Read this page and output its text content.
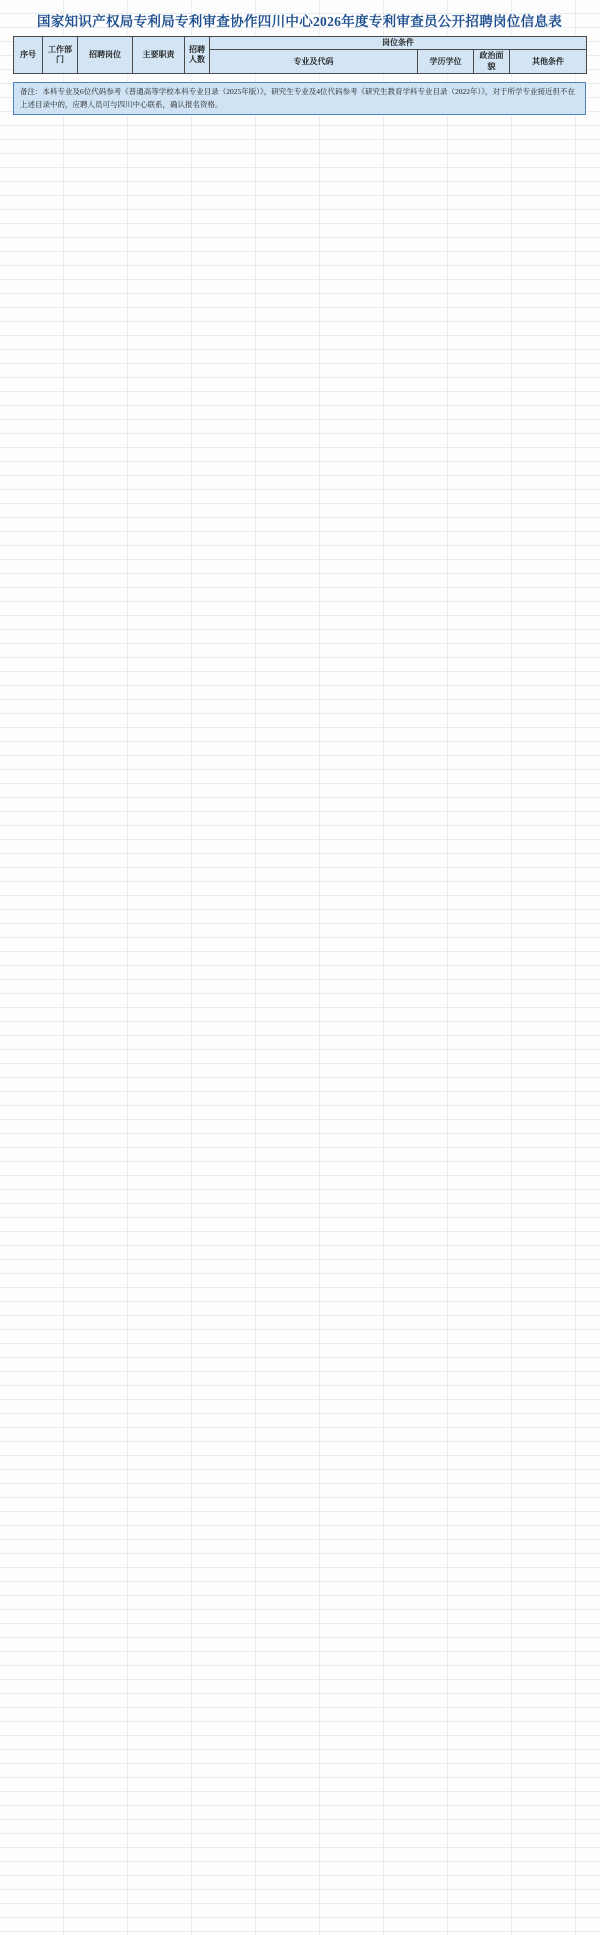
国家知识产权局专利局专利审查协作四川中心2026年度专利审查员公开招聘岗位信息表
序号	工作部门	招聘岗位	主要职责	招聘人数	岗位条件			
					专业及代码	学历学位	政治面貌	其他条件
备注：本科专业及6位代码参考《普通高等学校本科专业目录（2025年版）》，研究生专业及4位代码参考《研究生教育学科专业目录（2022年）》，对于所学专业接近但不在上述目录中的，应聘人员可与四川中心联系，确认报名资格。
